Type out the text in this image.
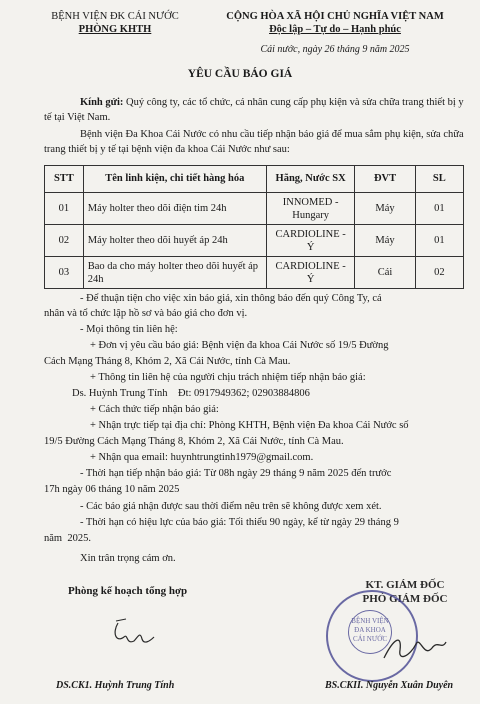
BỆNH VIỆN ĐK CÁI NƯỚC
PHÒNG KHTH
CỘNG HÒA XÃ HỘI CHỦ NGHĨA VIỆT NAM
Độc lập – Tự do – Hạnh phúc
Cái nước, ngày 26 tháng 9 năm 2025
YÊU CẦU BÁO GIÁ
Kính gửi: Quý công ty, các tổ chức, cá nhân cung cấp phụ kiện và sửa chữa trang thiết bị y tế tại Việt Nam.
Bệnh viện Đa Khoa Cái Nước có nhu cầu tiếp nhận báo giá để mua sắm phụ kiện, sửa chữa trang thiết bị y tế tại bệnh viện đa khoa Cái Nước như sau:
STT	Tên linh kiện, chi tiết hàng hóa	Hãng, Nước SX	ĐVT	SL
01	Máy holter theo dõi điện tim 24h	INNOMED - Hungary	Máy	01
02	Máy holter theo dõi huyết áp 24h	CARDIOLINE - Ý	Máy	01
03	Bao da cho máy holter theo dõi huyết áp 24h	CARDIOLINE - Ý	Cái	02
- Để thuận tiện cho việc xin báo giá, xin thông báo đến quý Công Ty, cá
nhân và tổ chức lập hồ sơ và báo giá cho đơn vị.
- Mọi thông tin liên hệ:
+ Đơn vị yêu cầu báo giá: Bệnh viện đa khoa Cái Nước số 19/5 Đường
Cách Mạng Tháng 8, Khóm 2, Xã Cái Nước, tỉnh Cà Mau.
+ Thông tin liên hệ của người chịu trách nhiệm tiếp nhận báo giá:
Ds. Huỳnh Trung Tính    Đt: 0917949362; 02903884806
+ Cách thức tiếp nhận báo giá:
+ Nhận trực tiếp tại địa chỉ: Phòng KHTH, Bệnh viện Đa khoa Cái Nước số
19/5 Đường Cách Mạng Tháng 8, Khóm 2, Xã Cái Nước, tỉnh Cà Mau.
+ Nhận qua email: huynhtrungtinh1979@gmail.com.
- Thời hạn tiếp nhận báo giá: Từ 08h ngày 29 tháng 9 năm 2025 đến trước
17h ngày 06 tháng 10 năm 2025
- Các báo giá nhận được sau thời điểm nêu trên sẽ không được xem xét.
- Thời hạn có hiệu lực của báo giá: Tối thiểu 90 ngày, kể từ ngày 29 tháng 9
năm  2025.
Xin trân trọng cám ơn.
Phòng kế hoạch tổng hợp
DS.CK1. Huỳnh Trung Tính
KT. GIÁM ĐỐC
PHÓ GIÁM ĐỐC
BỆNH VIỆN ĐA KHOA CÁI NƯỚC
BS.CKII. Nguyễn Xuân Duyên
